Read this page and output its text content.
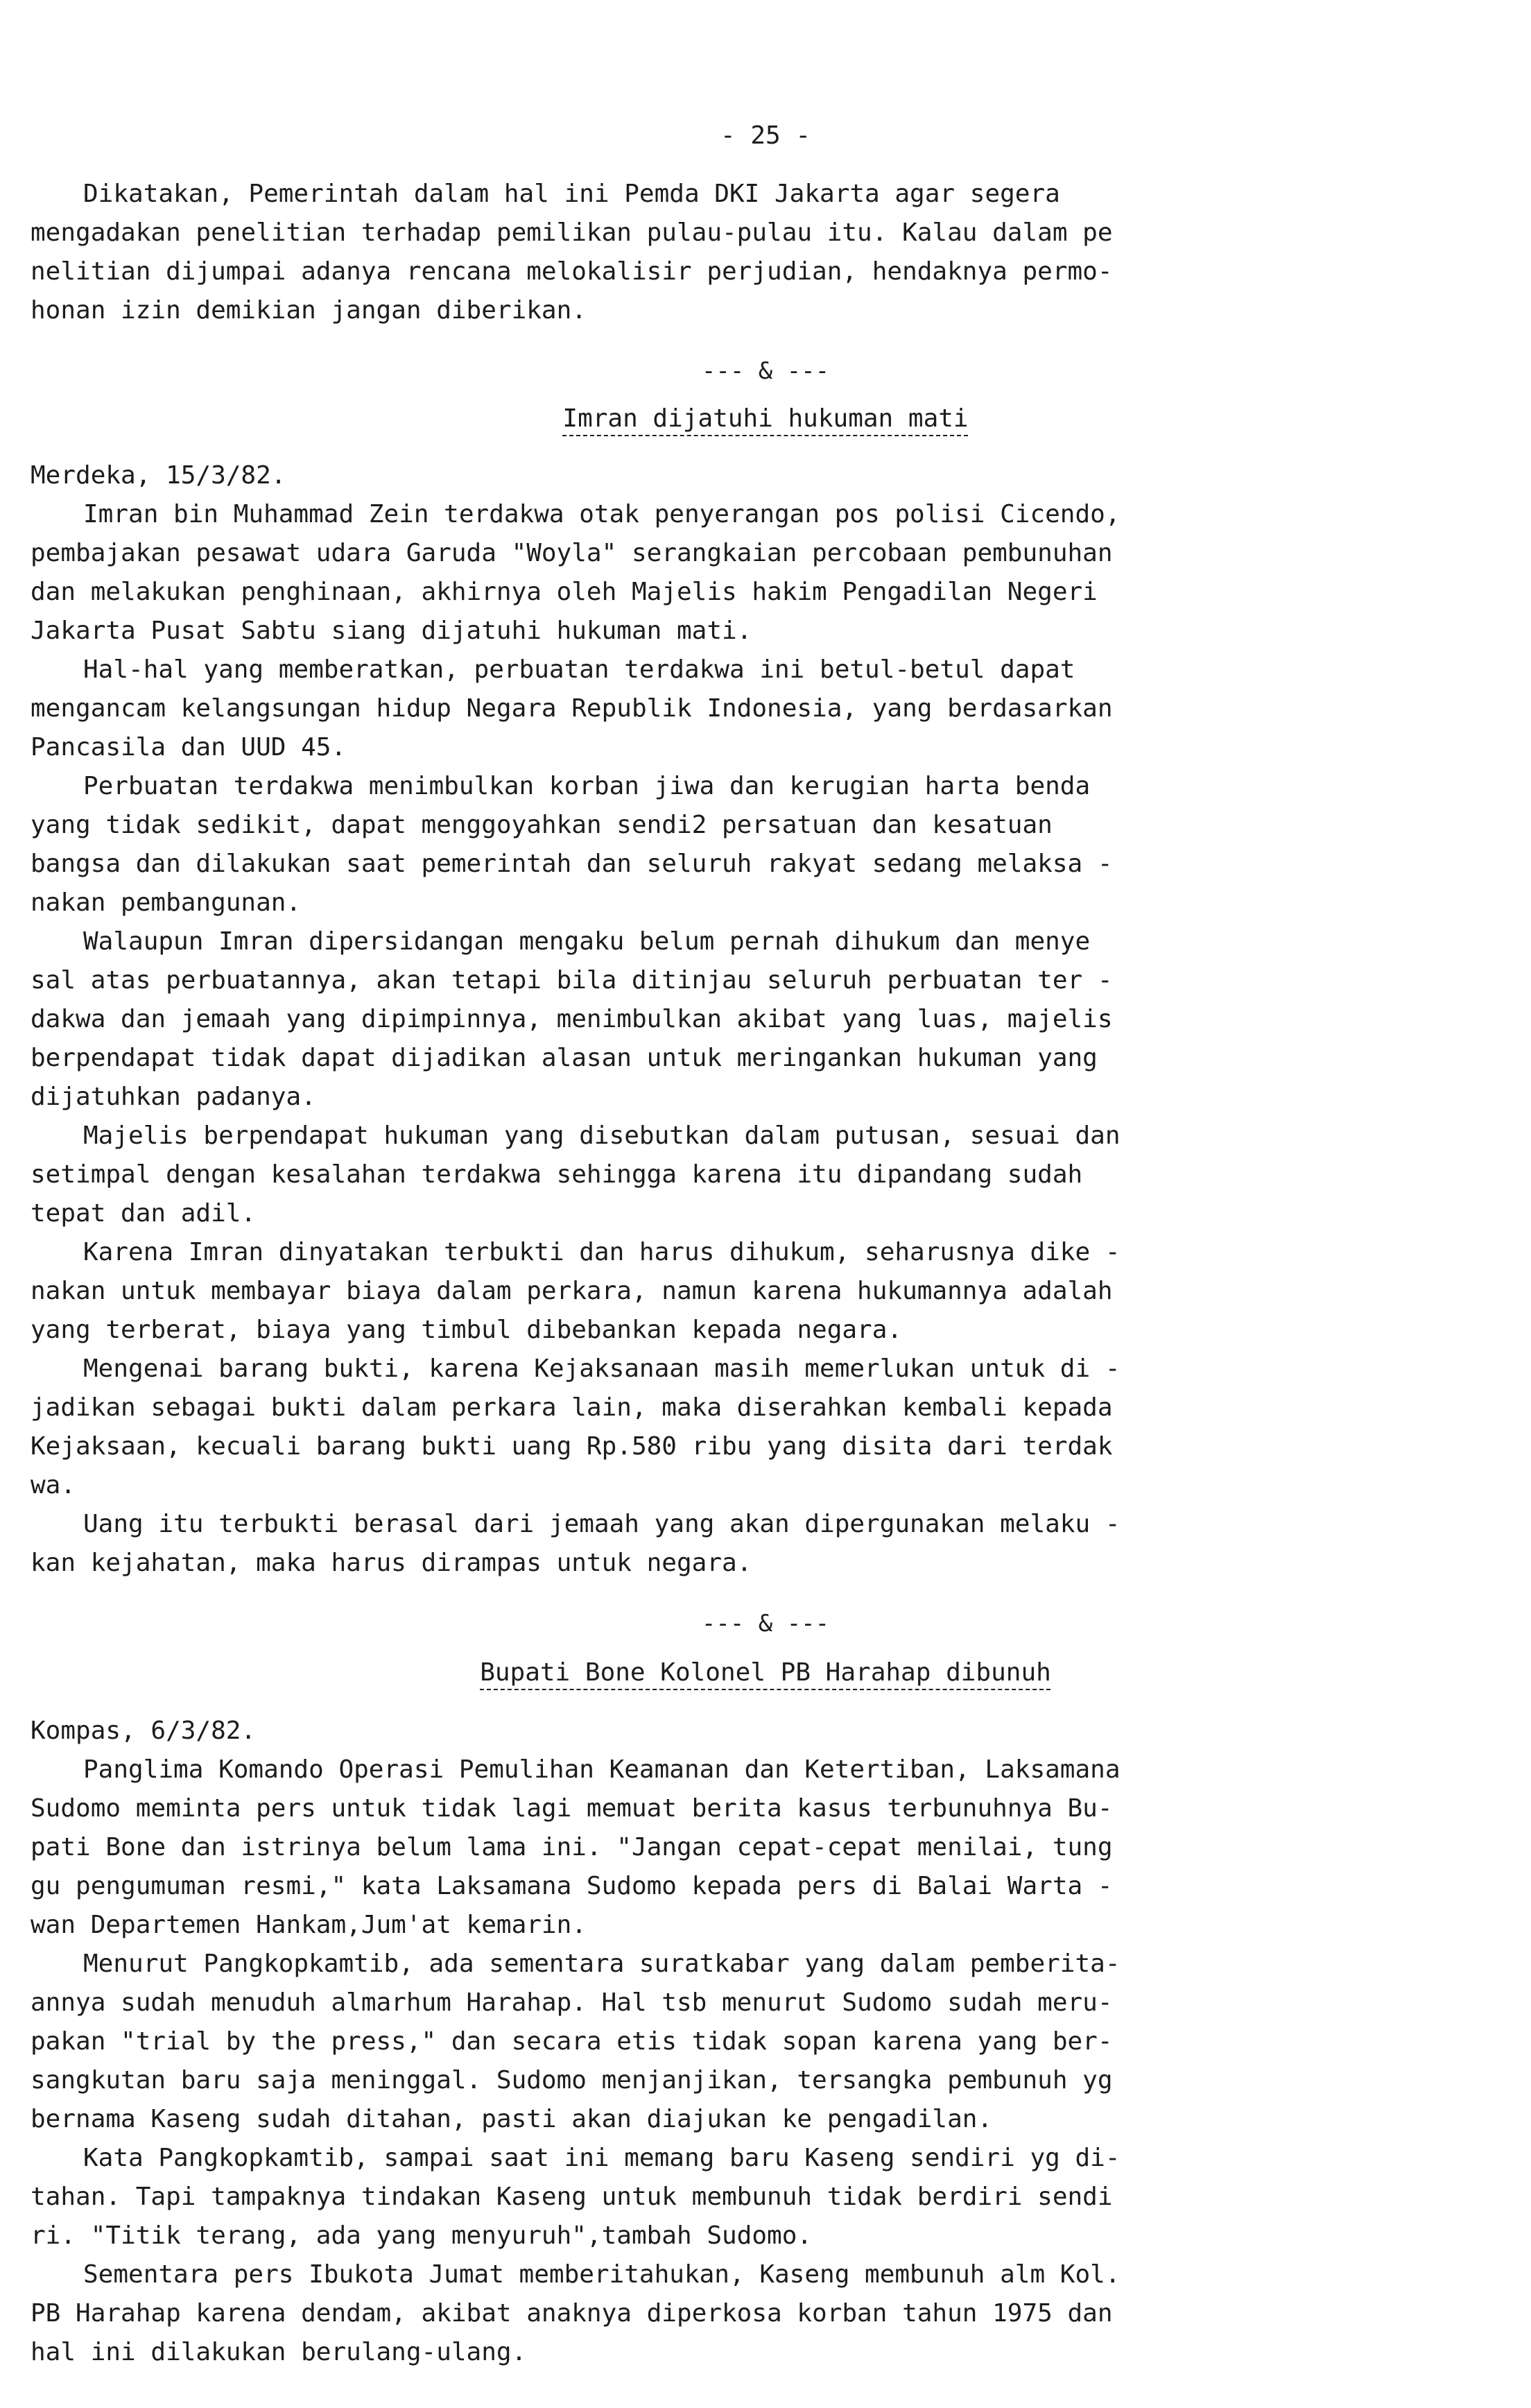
- 25 -
Dikatakan, Pemerintah dalam hal ini Pemda DKI Jakarta agar segera
mengadakan penelitian terhadap pemilikan pulau-pulau itu. Kalau dalam pe
nelitian dijumpai adanya rencana melokalisir perjudian, hendaknya permo-
honan izin demikian jangan diberikan.
--- & ---
Imran dijatuhi hukuman mati
Merdeka, 15/3/82.
Imran bin Muhammad Zein terdakwa otak penyerangan pos polisi Cicendo,
pembajakan pesawat udara Garuda "Woyla" serangkaian percobaan pembunuhan
dan melakukan penghinaan, akhirnya oleh Majelis hakim Pengadilan Negeri
Jakarta Pusat Sabtu siang dijatuhi hukuman mati.
Hal-hal yang memberatkan, perbuatan terdakwa ini betul-betul dapat
mengancam kelangsungan hidup Negara Republik Indonesia, yang berdasarkan
Pancasila dan UUD 45.
Perbuatan terdakwa menimbulkan korban jiwa dan kerugian harta benda
yang tidak sedikit, dapat menggoyahkan sendi2 persatuan dan kesatuan
bangsa dan dilakukan saat pemerintah dan seluruh rakyat sedang melaksa -
nakan pembangunan.
Walaupun Imran dipersidangan mengaku belum pernah dihukum dan menye
sal atas perbuatannya, akan tetapi bila ditinjau seluruh perbuatan ter -
dakwa dan jemaah yang dipimpinnya, menimbulkan akibat yang luas, majelis
berpendapat tidak dapat dijadikan alasan untuk meringankan hukuman yang
dijatuhkan padanya.
Majelis berpendapat hukuman yang disebutkan dalam putusan, sesuai dan
setimpal dengan kesalahan terdakwa sehingga karena itu dipandang sudah
tepat dan adil.
Karena Imran dinyatakan terbukti dan harus dihukum, seharusnya dike -
nakan untuk membayar biaya dalam perkara, namun karena hukumannya adalah
yang terberat, biaya yang timbul dibebankan kepada negara.
Mengenai barang bukti, karena Kejaksanaan masih memerlukan untuk di -
jadikan sebagai bukti dalam perkara lain, maka diserahkan kembali kepada
Kejaksaan, kecuali barang bukti uang Rp.580 ribu yang disita dari terdak
wa.
Uang itu terbukti berasal dari jemaah yang akan dipergunakan melaku -
kan kejahatan, maka harus dirampas untuk negara.
--- & ---
Bupati Bone Kolonel PB Harahap dibunuh
Kompas, 6/3/82.
Panglima Komando Operasi Pemulihan Keamanan dan Ketertiban, Laksamana
Sudomo meminta pers untuk tidak lagi memuat berita kasus terbunuhnya Bu-
pati Bone dan istrinya belum lama ini. "Jangan cepat-cepat menilai, tung
gu pengumuman resmi," kata Laksamana Sudomo kepada pers di Balai Warta -
wan Departemen Hankam,Jum'at kemarin.
Menurut Pangkopkamtib, ada sementara suratkabar yang dalam pemberita-
annya sudah menuduh almarhum Harahap. Hal tsb menurut Sudomo sudah meru-
pakan "trial by the press," dan secara etis tidak sopan karena yang ber-
sangkutan baru saja meninggal. Sudomo menjanjikan, tersangka pembunuh yg
bernama Kaseng sudah ditahan, pasti akan diajukan ke pengadilan.
Kata Pangkopkamtib, sampai saat ini memang baru Kaseng sendiri yg di-
tahan. Tapi tampaknya tindakan Kaseng untuk membunuh tidak berdiri sendi
ri. "Titik terang, ada yang menyuruh",tambah Sudomo.
Sementara pers Ibukota Jumat memberitahukan, Kaseng membunuh alm Kol.
PB Harahap karena dendam, akibat anaknya diperkosa korban tahun 1975 dan
hal ini dilakukan berulang-ulang.
